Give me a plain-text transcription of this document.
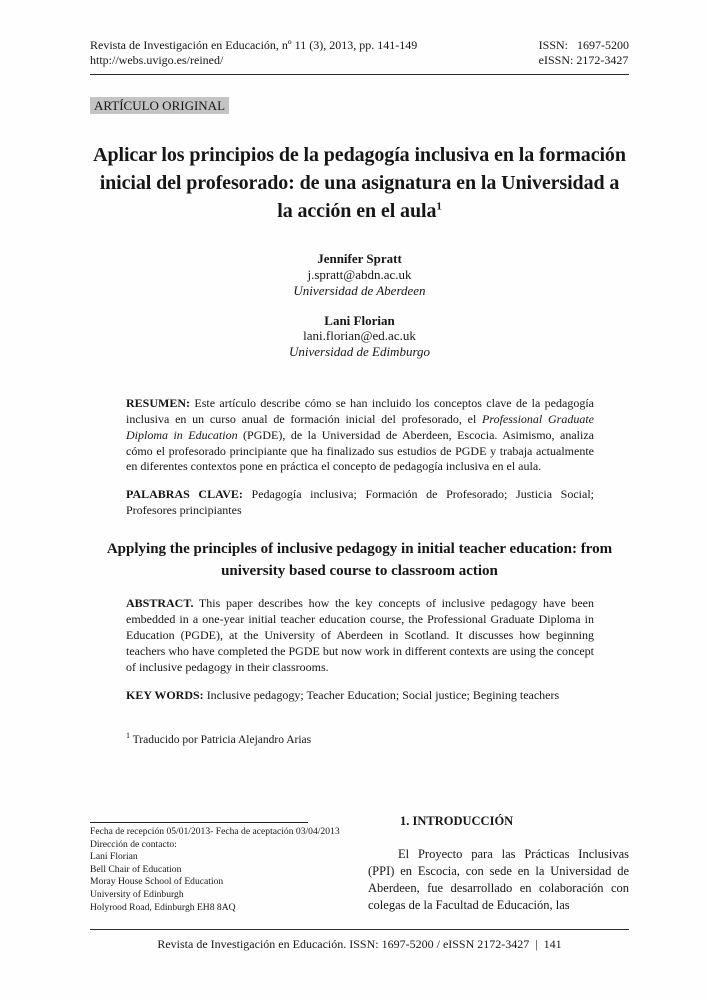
Revista de Investigación en Educación, nº 11 (3), 2013, pp. 141-149
http://webs.uvigo.es/reined/
ISSN:   1697-5200
eISSN: 2172-3427
ARTÍCULO ORIGINAL
Aplicar los principios de la pedagogía inclusiva en la formación inicial del profesorado: de una asignatura en la Universidad a la acción en el aula$^1$
Jennifer Spratt
j.spratt@abdn.ac.uk
Universidad de Aberdeen
Lani Florian
lani.florian@ed.ac.uk
Universidad de Edimburgo

RESUMEN: Este artículo describe cómo se han incluido los conceptos clave de la pedagogía inclusiva en un curso anual de formación inicial del profesorado, el Professional Graduate Diploma in Education (PGDE), de la Universidad de Aberdeen, Escocia. Asimismo, analiza cómo el profesorado principiante que ha finalizado sus estudios de PGDE y trabaja actualmente en diferentes contextos pone en práctica el concepto de pedagogía inclusiva en el aula.

PALABRAS CLAVE: Pedagogía inclusiva; Formación de Profesorado; Justicia Social; Profesores principiantes

Applying the principles of inclusive pedagogy in initial teacher education: from university based course to classroom action

ABSTRACT. This paper describes how the key concepts of inclusive pedagogy have been embedded in a one-year initial teacher education course, the Professional Graduate Diploma in Education (PGDE), at the University of Aberdeen in Scotland. It discusses how beginning teachers who have completed the PGDE but now work in different contexts are using the concept of inclusive pedagogy in their classrooms.

KEY WORDS: Inclusive pedagogy; Teacher Education; Social justice; Begining teachers

$^1$ Traducido por Patricia Alejandro Arias

Fecha de recepción 05/01/2013- Fecha de aceptación 03/04/2013
Dirección de contacto:
Lani Florian
Bell Chair of Education
Moray House School of Education
University of Edinburgh
Holyrood Road, Edinburgh EH8 8AQ
1. INTRODUCCIÓN

El Proyecto para las Prácticas Inclusivas (PPI) en Escocia, con sede en la Universidad de Aberdeen, fue desarrollado en colaboración con colegas de la Facultad de Educación, las

Revista de Investigación en Educación. ISSN: 1697-5200 / eISSN 2172-3427  |  141
